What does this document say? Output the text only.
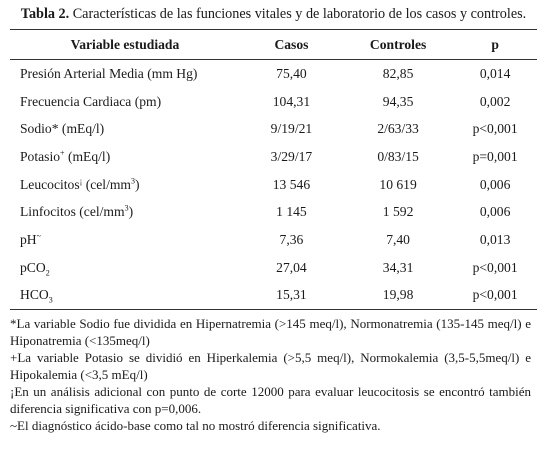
Tabla 2. Características de las funciones vitales y de laboratorio de los casos y controles.
Variable estudiada	Casos	Controles	p
Presión Arterial Media (mm Hg)	75,40	82,85	0,014
Frecuencia Cardiaca (pm)	104,31	94,35	0,002
Sodio* (mEq/l)	9/19/21	2/63/33	p<0,001
Potasio+ (mEq/l)	3/29/17	0/83/15	p=0,001
Leucocitos¡ $(cel/mm^3)$	13 546	10 619	0,006
Linfocitos $(cel/mm^3)$	1 145	1 592	0,006
pH~	7,36	7,40	0,013
pCO$_2$	27,04	34,31	p<0,001
$HCO_3$	15,31	19,98	p<0,001

*La variable Sodio fue dividida en Hipernatremia (>145 meq/l), Normonatremia (135-145 meq/l) e Hiponatremia (<135meq/l)

+La variable Potasio se dividió en Hiperkalemia (>5,5 meq/l), Normokalemia (3,5-5,5meq/l) e Hipokalemia (<3,5 mEq/l)

¡En un análisis adicional con punto de corte 12000 para evaluar leucocitosis se encontró también diferencia significativa con p=0,006.

~El diagnóstico ácido-base como tal no mostró diferencia significativa.
